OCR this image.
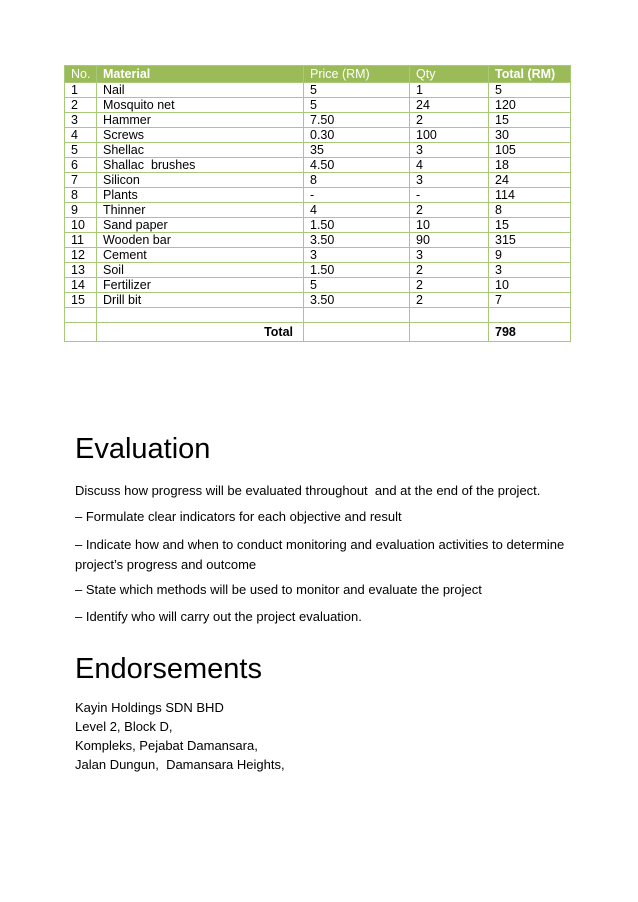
No.	Material	Price (RM)	Qty	Total (RM)
1	Nail	5	1	5
2	Mosquito net	5	24	120
3	Hammer	7.50	2	15
4	Screws	0.30	100	30
5	Shellac	35	3	105
6	Shallac  brushes	4.50	4	18
7	Silicon	8	3	24
8	Plants	-	-	114
9	Thinner	4	2	8
10	Sand paper	1.50	10	15
11	Wooden bar	3.50	90	315
12	Cement	3	3	9
13	Soil	1.50	2	3
14	Fertilizer	5	2	10
15	Drill bit	3.50	2	7

	Total			798
Evaluation

Discuss how progress will be evaluated throughout  and at the end of the project.

– Formulate clear indicators for each objective and result

– Indicate how and when to conduct monitoring and evaluation activities to determine project’s progress and outcome

– State which methods will be used to monitor and evaluate the project

– Identify who will carry out the project evaluation.

Endorsements
Kayin Holdings SDN BHD
Level 2, Block D,
Kompleks, Pejabat Damansara,
Jalan Dungun,  Damansara Heights,
